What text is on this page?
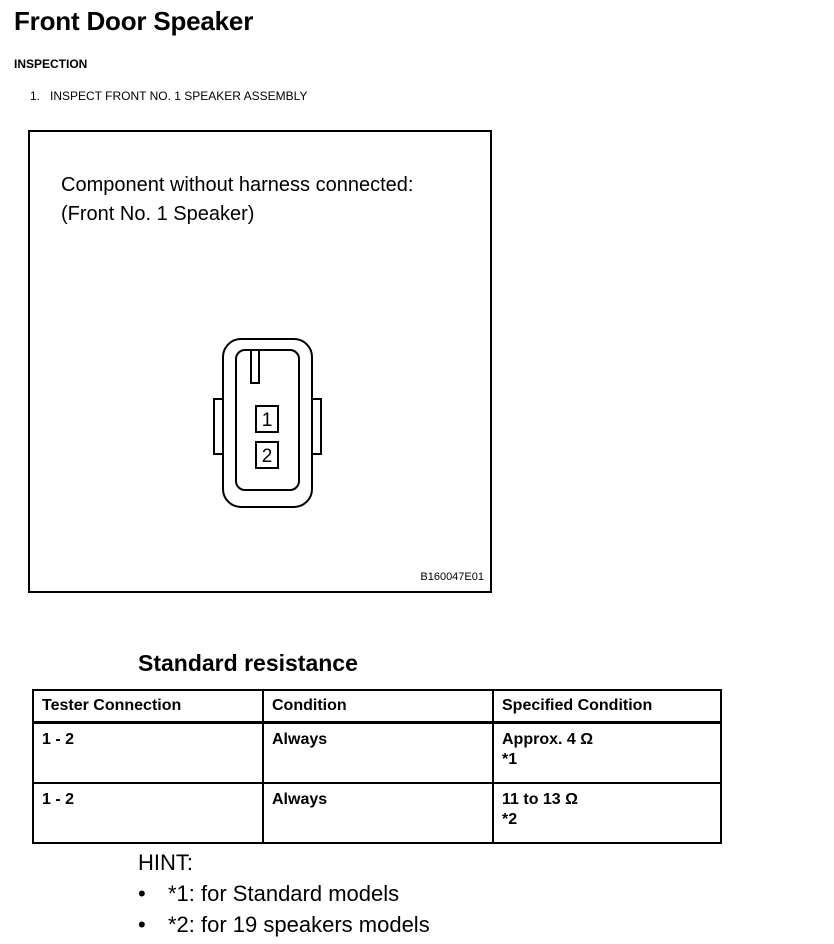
Front Door Speaker
INSPECTION
1. INSPECT FRONT NO. 1 SPEAKER ASSEMBLY
Component without harness connected:
(Front No. 1 Speaker)
1
2
B160047E01
Standard resistance
Tester Connection	Condition	Specified Condition
1 - 2	Always	Approx. 4 Ω
*1

1 - 2	Always	11 to 13 Ω
*2
HINT:
• *1: for Standard models
• *2: for 19 speakers models
